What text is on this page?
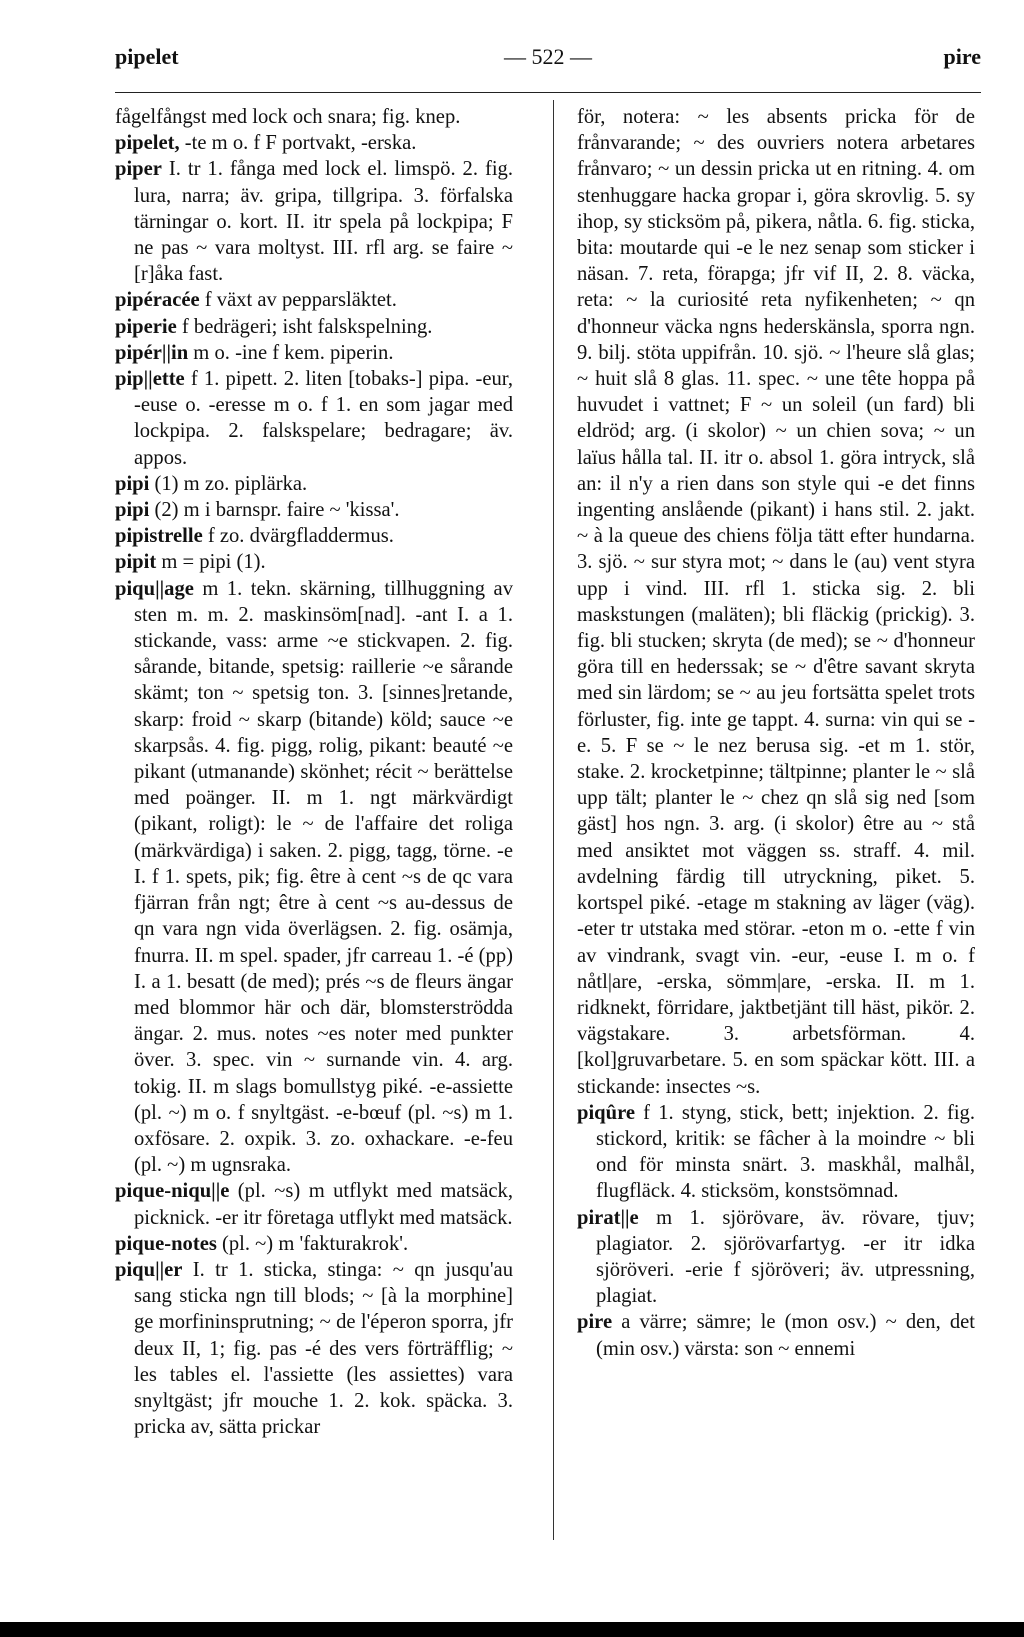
pipelet	— 522 —	pire

fågelfångst med lock och snara; fig. knep.

pipelet, -te m o. f F portvakt, -erska.

piper I. tr 1. fånga med lock el. limspö. 2. fig. lura, narra; äv. gripa, tillgripa. 3. förfalska tärningar o. kort. II. itr spela på lockpipa; F ne pas ~ vara moltyst. III. rfl arg. se faire ~ [r]åka fast.

pipéracée f växt av pepparsläktet.

piperie f bedrägeri; isht falskspelning.

pipér||in m o. -ine f kem. piperin.

pip||ette f 1. pipett. 2. liten [tobaks-] pipa. -eur, -euse o. -eresse m o. f 1. en som jagar med lockpipa. 2. falskspelare; bedragare; äv. appos.

pipi (1) m zo. piplärka.

pipi (2) m i barnspr. faire ~ 'kissa'.

pipistrelle f zo. dvärgfladdermus.

pipit m = pipi (1).

piqu||age m 1. tekn. skärning, tillhuggning av sten m. m. 2. maskinsöm[nad]. -ant I. a 1. stickande, vass: arme ~e stickvapen. 2. fig. sårande, bitande, spetsig: raillerie ~e sårande skämt; ton ~ spetsig ton. 3. [sinnes]retande, skarp: froid ~ skarp (bitande) köld; sauce ~e skarpsås. 4. fig. pigg, rolig, pikant: beauté ~e pikant (utmanande) skönhet; récit ~ berättelse med poänger. II. m 1. ngt märkvärdigt (pikant, roligt): le ~ de l'affaire det roliga (märkvärdiga) i saken. 2. pigg, tagg, törne. -e I. f 1. spets, pik; fig. être à cent ~s de qc vara fjärran från ngt; être à cent ~s au-dessus de qn vara ngn vida överlägsen. 2. fig. osämja, fnurra. II. m spel. spader, jfr carreau 1. -é (pp) I. a 1. besatt (de med); prés ~s de fleurs ängar med blommor här och där, blomsterströdda ängar. 2. mus. notes ~es noter med punkter över. 3. spec. vin ~ surnande vin. 4. arg. tokig. II. m slags bomullstyg piké. -e-assiette (pl. ~) m o. f snyltgäst. -e-bœuf (pl. ~s) m 1. oxfösare. 2. oxpik. 3. zo. oxhackare. -e-feu (pl. ~) m ugnsraka.

pique-niqu||e (pl. ~s) m utflykt med matsäck, picknick. -er itr företaga utflykt med matsäck.

pique-notes (pl. ~) m 'fakturakrok'.

piqu||er I. tr 1. sticka, stinga: ~ qn jusqu'au sang sticka ngn till blods; ~ [à la morphine] ge morfininsprutning; ~ de l'éperon sporra, jfr deux II, 1; fig. pas -é des vers förträfflig; ~ les tables el. l'assiette (les assiettes) vara snyltgäst; jfr mouche 1. 2. kok. späcka. 3. pricka av, sätta prickar

för, notera: ~ les absents pricka för de frånvarande; ~ des ouvriers notera arbetares frånvaro; ~ un dessin pricka ut en ritning. 4. om stenhuggare hacka gropar i, göra skrovlig. 5. sy ihop, sy sticksöm på, pikera, nåtla. 6. fig. sticka, bita: moutarde qui -e le nez senap som sticker i näsan. 7. reta, föraрga; jfr vif II, 2. 8. väcka, reta: ~ la curiosité reta nyfikenheten; ~ qn d'honneur väcka ngns hederskänsla, sporra ngn. 9. bilj. stöta uppifrån. 10. sjö. ~ l'heure slå glas; ~ huit slå 8 glas. 11. spec. ~ une tête hoppa på huvudet i vattnet; F ~ un soleil (un fard) bli eldröd; arg. (i skolor) ~ un chien sova; ~ un laïus hålla tal. II. itr o. absol 1. göra intryck, slå an: il n'y a rien dans son style qui -e det finns ingenting anslående (pikant) i hans stil. 2. jakt. ~ à la queue des chiens följa tätt efter hundarna. 3. sjö. ~ sur styra mot; ~ dans le (au) vent styra upp i vind. III. rfl 1. sticka sig. 2. bli maskstungen (maläten); bli fläckig (prickig). 3. fig. bli stucken; skryta (de med); se ~ d'honneur göra till en hederssak; se ~ d'être savant skryta med sin lärdom; se ~ au jeu fortsätta spelet trots förluster, fig. inte ge tappt. 4. surna: vin qui se -e. 5. F se ~ le nez berusa sig. -et m 1. stör, stake. 2. krocketpinne; tältpinne; planter le ~ slå upp tält; planter le ~ chez qn slå sig ned [som gäst] hos ngn. 3. arg. (i skolor) être au ~ stå med ansiktet mot väggen ss. straff. 4. mil. avdelning färdig till utryckning, piket. 5. kortspel piké. -etage m stakning av läger (väg). -eter tr utstaka med störar. -eton m o. -ette f vin av vindrank, svagt vin. -eur, -euse I. m o. f nåtl|are, -erska, sömm|are, -erska. II. m 1. ridknekt, förridare, jaktbetjänt till häst, pikör. 2. vägstakare. 3. arbetsförman. 4. [kol]gruvarbetare. 5. en som späckar kött. III. a stickande: insectes ~s.

piqûre f 1. styng, stick, bett; injektion. 2. fig. stickord, kritik: se fâcher à la moindre ~ bli ond för minsta snärt. 3. maskhål, malhål, flugfläck. 4. sticksöm, konstsömnad.

pirat||e m 1. sjörövare, äv. rövare, tjuv; plagiator. 2. sjörövarfartyg. -er itr idka sjöröveri. -erie f sjöröveri; äv. utpressning, plagiat.

pire a värre; sämre; le (mon osv.) ~ den, det (min osv.) värsta: son ~ ennemi
